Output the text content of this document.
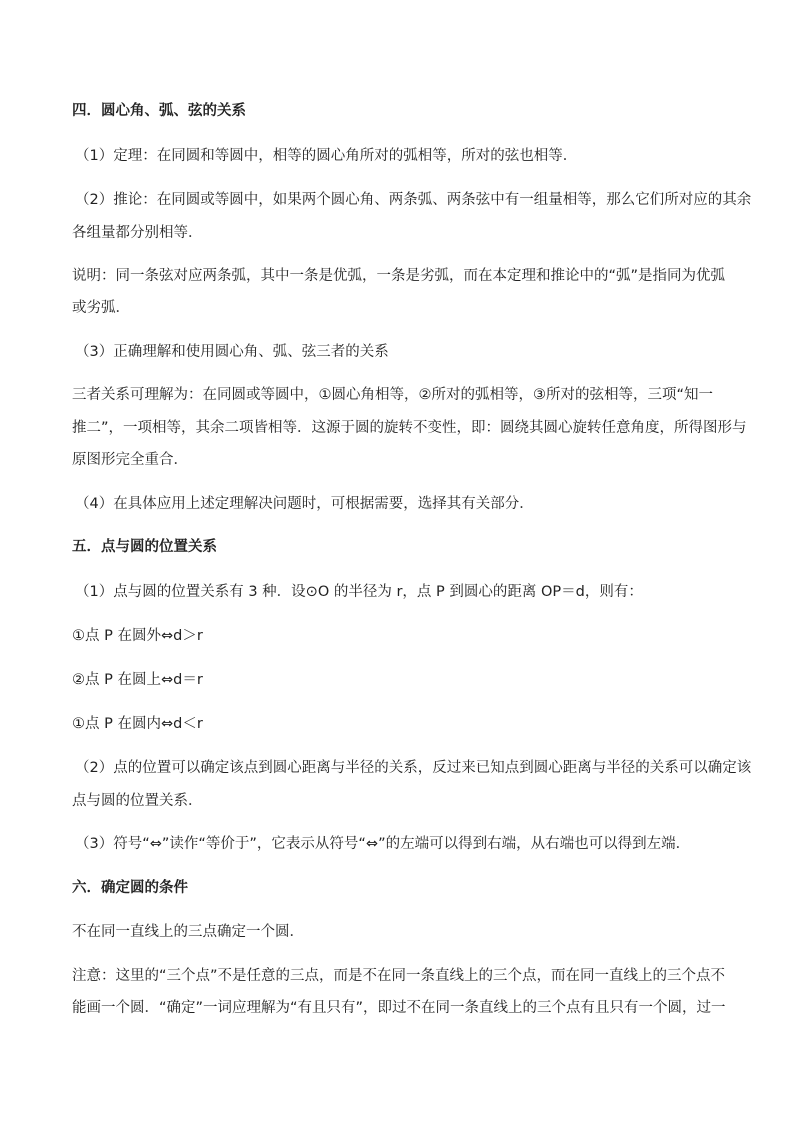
四．圆心角、弧、弦的关系
（1）定理：在同圆和等圆中，相等的圆心角所对的弧相等，所对的弦也相等．
（2）推论：在同圆或等圆中，如果两个圆心角、两条弧、两条弦中有一组量相等，那么它们所对应的其余
各组量都分别相等．
说明：同一条弦对应两条弧，其中一条是优弧，一条是劣弧，而在本定理和推论中的“弧”是指同为优弧
或劣弧．
（3）正确理解和使用圆心角、弧、弦三者的关系
三者关系可理解为：在同圆或等圆中，①圆心角相等，②所对的弧相等，③所对的弦相等，三项“知一
推二”，一项相等，其余二项皆相等．这源于圆的旋转不变性，即：圆绕其圆心旋转任意角度，所得图形与
原图形完全重合．
（4）在具体应用上述定理解决问题时，可根据需要，选择其有关部分．
五．点与圆的位置关系
（1）点与圆的位置关系有 3 种．设⊙O 的半径为 r，点 P 到圆心的距离 OP＝d，则有：
①点 P 在圆外⇔d＞r
②点 P 在圆上⇔d＝r
①点 P 在圆内⇔d＜r
（2）点的位置可以确定该点到圆心距离与半径的关系，反过来已知点到圆心距离与半径的关系可以确定该
点与圆的位置关系．
（3）符号“⇔”读作“等价于”，它表示从符号“⇔”的左端可以得到右端，从右端也可以得到左端．
六．确定圆的条件
不在同一直线上的三点确定一个圆．
注意：这里的“三个点”不是任意的三点，而是不在同一条直线上的三个点，而在同一直线上的三个点不
能画一个圆．“确定”一词应理解为“有且只有”，即过不在同一条直线上的三个点有且只有一个圆，过一
